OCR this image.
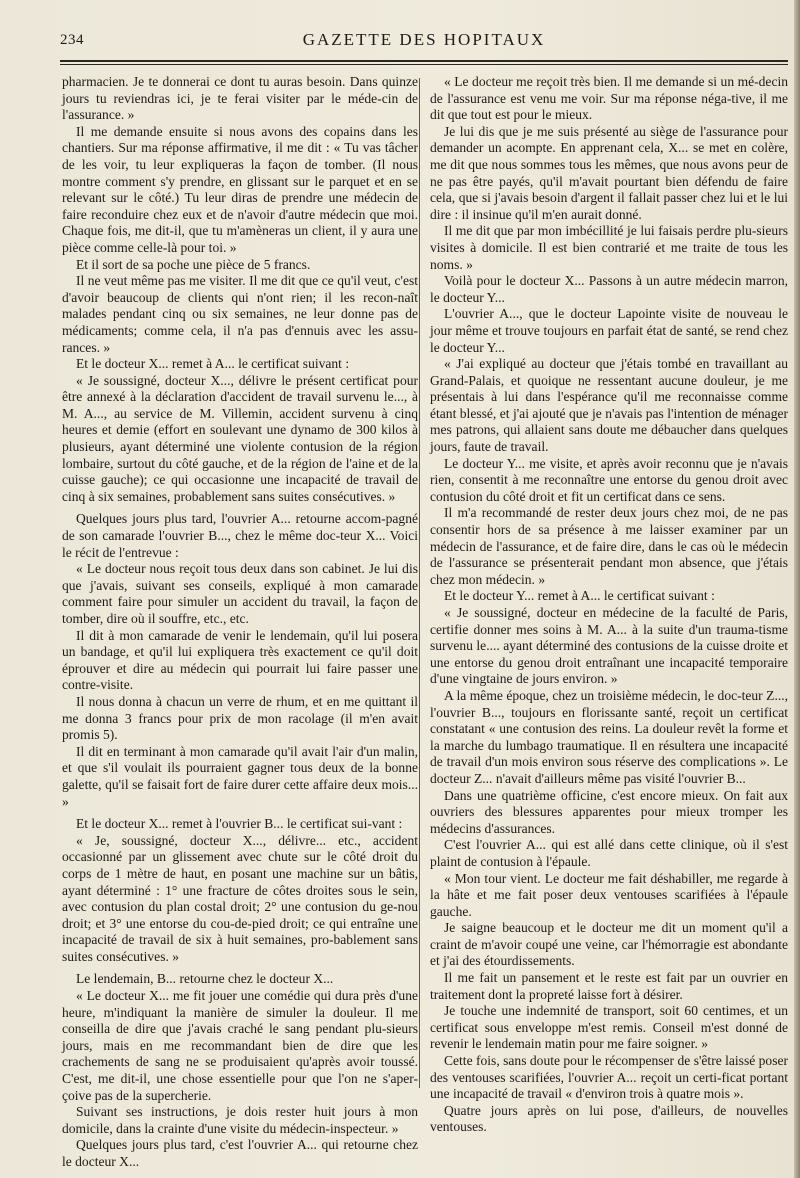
234	GAZETTE DES HOPITAUX

pharmacien. Je te donnerai ce dont tu auras besoin. Dans quinze jours tu reviendras ici, je te ferai visiter par le méde-cin de l'assurance. »

Il me demande ensuite si nous avons des copains dans les chantiers. Sur ma réponse affirmative, il me dit : « Tu vas tâcher de les voir, tu leur expliqueras la façon de tomber. (Il nous montre comment s'y prendre, en glissant sur le parquet et en se relevant sur le côté.) Tu leur diras de prendre une médecin de faire reconduire chez eux et de n'avoir d'autre médecin que moi. Chaque fois, me dit-il, que tu m'amèneras un client, il y aura une pièce comme celle-là pour toi. »

Et il sort de sa poche une pièce de 5 francs.

Il ne veut même pas me visiter. Il me dit que ce qu'il veut, c'est d'avoir beaucoup de clients qui n'ont rien; il les recon-naît malades pendant cinq ou six semaines, ne leur donne pas de médicaments; comme cela, il n'a pas d'ennuis avec les assu-rances. »

Et le docteur X... remet à A... le certificat suivant :

« Je soussigné, docteur X..., délivre le présent certificat pour être annexé à la déclaration d'accident de travail survenu le..., à M. A..., au service de M. Villemin, accident survenu à cinq heures et demie (effort en soulevant une dynamo de 300 kilos à plusieurs, ayant déterminé une violente contusion de la région lombaire, surtout du côté gauche, et de la région de l'aine et de la cuisse gauche); ce qui occasionne une incapacité de travail de cinq à six semaines, probablement sans suites consécutives. »

Quelques jours plus tard, l'ouvrier A... retourne accom-pagné de son camarade l'ouvrier B..., chez le même doc-teur X... Voici le récit de l'entrevue :

« Le docteur nous reçoit tous deux dans son cabinet. Je lui dis que j'avais, suivant ses conseils, expliqué à mon camarade comment faire pour simuler un accident du travail, la façon de tomber, dire où il souffre, etc., etc.

Il dit à mon camarade de venir le lendemain, qu'il lui posera un bandage, et qu'il lui expliquera très exactement ce qu'il doit éprouver et dire au médecin qui pourrait lui faire passer une contre-visite.

Il nous donna à chacun un verre de rhum, et en me quittant il me donna 3 francs pour prix de mon racolage (il m'en avait promis 5).

Il dit en terminant à mon camarade qu'il avait l'air d'un malin, et que s'il voulait ils pourraient gagner tous deux de la bonne galette, qu'il se faisait fort de faire durer cette affaire deux mois... »

Et le docteur X... remet à l'ouvrier B... le certificat sui-vant :

« Je, soussigné, docteur X..., délivre... etc., accident occasionné par un glissement avec chute sur le côté droit du corps de 1 mètre de haut, en posant une machine sur un bâtis, ayant déterminé : 1° une fracture de côtes droites sous le sein, avec contusion du plan costal droit; 2° une contusion du ge-nou droit; et 3° une entorse du cou-de-pied droit; ce qui entraîne une incapacité de travail de six à huit semaines, pro-bablement sans suites consécutives. »

Le lendemain, B... retourne chez le docteur X...

« Le docteur X... me fit jouer une comédie qui dura près d'une heure, m'indiquant la manière de simuler la douleur. Il me conseilla de dire que j'avais craché le sang pendant plu-sieurs jours, mais en me recommandant bien de dire que les crachements de sang ne se produisaient qu'après avoir toussé. C'est, me dit-il, une chose essentielle pour que l'on ne s'aper-çoive pas de la supercherie.

Suivant ses instructions, je dois rester huit jours à mon domicile, dans la crainte d'une visite du médecin-inspecteur. »

Quelques jours plus tard, c'est l'ouvrier A... qui retourne chez le docteur X...

« Le docteur me reçoit très bien. Il me demande si un mé-decin de l'assurance est venu me voir. Sur ma réponse néga-tive, il me dit que tout est pour le mieux.

Je lui dis que je me suis présenté au siège de l'assurance pour demander un acompte. En apprenant cela, X... se met en colère, me dit que nous sommes tous les mêmes, que nous avons peur de ne pas être payés, qu'il m'avait pourtant bien défendu de faire cela, que si j'avais besoin d'argent il fallait passer chez lui et le lui dire : il insinue qu'il m'en aurait donné.

Il me dit que par mon imbécillité je lui faisais perdre plu-sieurs visites à domicile. Il est bien contrarié et me traite de tous les noms. »

Voilà pour le docteur X... Passons à un autre médecin marron, le docteur Y...

L'ouvrier A..., que le docteur Lapointe visite de nouveau le jour même et trouve toujours en parfait état de santé, se rend chez le docteur Y...

« J'ai expliqué au docteur que j'étais tombé en travaillant au Grand-Palais, et quoique ne ressentant aucune douleur, je me présentais à lui dans l'espérance qu'il me reconnaisse comme étant blessé, et j'ai ajouté que je n'avais pas l'intention de ménager mes patrons, qui allaient sans doute me débaucher dans quelques jours, faute de travail.

Le docteur Y... me visite, et après avoir reconnu que je n'avais rien, consentit à me reconnaître une entorse du genou droit avec contusion du côté droit et fit un certificat dans ce sens.

Il m'a recommandé de rester deux jours chez moi, de ne pas consentir hors de sa présence à me laisser examiner par un médecin de l'assurance, et de faire dire, dans le cas où le médecin de l'assurance se présenterait pendant mon absence, que j'étais chez mon médecin. »

Et le docteur Y... remet à A... le certificat suivant :

« Je soussigné, docteur en médecine de la faculté de Paris, certifie donner mes soins à M. A... à la suite d'un trauma-tisme survenu le.... ayant déterminé des contusions de la cuisse droite et une entorse du genou droit entraînant une incapacité temporaire d'une vingtaine de jours environ. »

A la même époque, chez un troisième médecin, le doc-teur Z..., l'ouvrier B..., toujours en florissante santé, reçoit un certificat constatant « une contusion des reins. La douleur revêt la forme et la marche du lumbago traumatique. Il en résultera une incapacité de travail d'un mois environ sous réserve des complications ». Le docteur Z... n'avait d'ailleurs même pas visité l'ouvrier B...

Dans une quatrième officine, c'est encore mieux. On fait aux ouvriers des blessures apparentes pour mieux tromper les médecins d'assurances.

C'est l'ouvrier A... qui est allé dans cette clinique, où il s'est plaint de contusion à l'épaule.

« Mon tour vient. Le docteur me fait déshabiller, me regarde à la hâte et me fait poser deux ventouses scarifiées à l'épaule gauche.

Je saigne beaucoup et le docteur me dit un moment qu'il a craint de m'avoir coupé une veine, car l'hémorragie est abondante et j'ai des étourdissements.

Il me fait un pansement et le reste est fait par un ouvrier en traitement dont la propreté laisse fort à désirer.

Je touche une indemnité de transport, soit 60 centimes, et un certificat sous enveloppe m'est remis. Conseil m'est donné de revenir le lendemain matin pour me faire soigner. »

Cette fois, sans doute pour le récompenser de s'être laissé poser des ventouses scarifiées, l'ouvrier A... reçoit un certi-ficat portant une incapacité de travail « d'environ trois à quatre mois ».

Quatre jours après on lui pose, d'ailleurs, de nouvelles ventouses.
